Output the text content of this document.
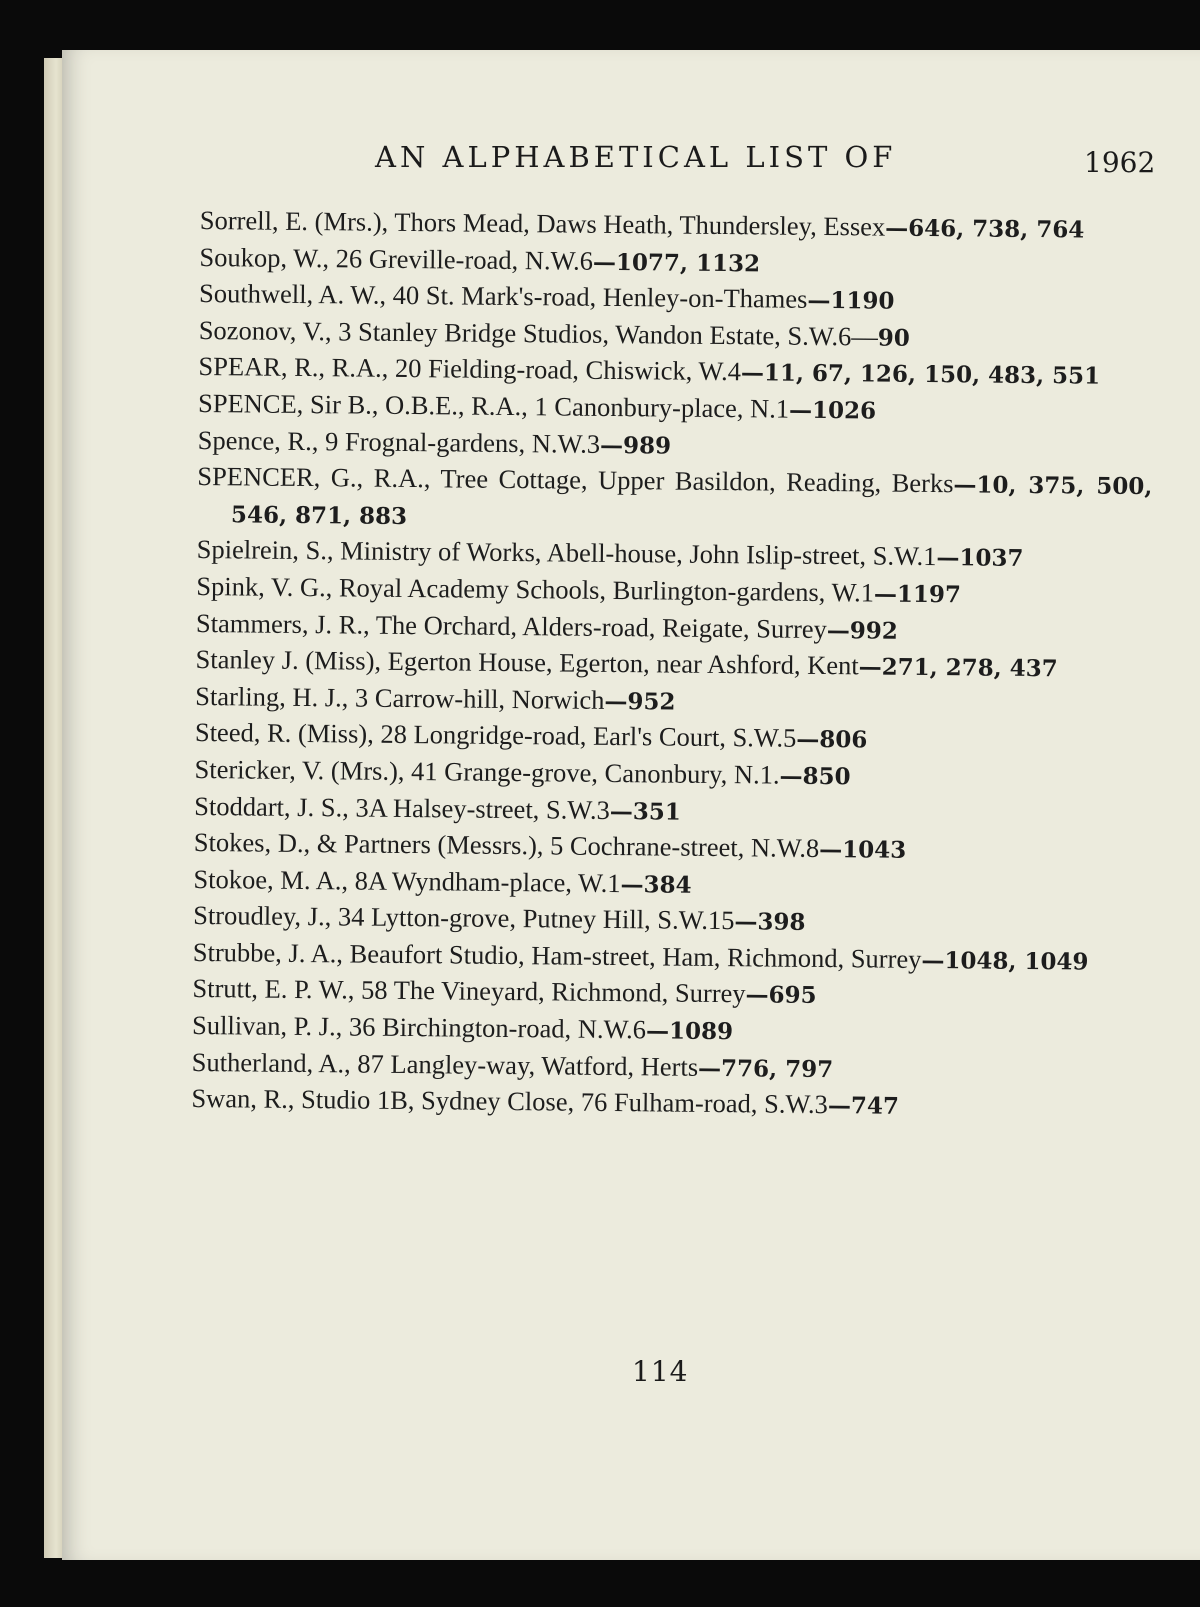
AN ALPHABETICAL LIST OF	1962
Sorrell, E. (Mrs.), Thors Mead, Daws Heath, Thundersley, Essex—646, 738, 764
Soukop, W., 26 Greville-road, N.W.6—1077, 1132
Southwell, A. W., 40 St. Mark's-road, Henley-on-Thames—1190
Sozonov, V., 3 Stanley Bridge Studios, Wandon Estate, S.W.6—90
SPEAR, R., R.A., 20 Fielding-road, Chiswick, W.4—11, 67, 126, 150, 483, 551
SPENCE, Sir B., O.B.E., R.A., 1 Canonbury-place, N.1—1026
Spence, R., 9 Frognal-gardens, N.W.3—989
SPENCER, G., R.A., Tree Cottage, Upper Basildon, Reading, Berks—10, 375, 500, 546, 871, 883
Spielrein, S., Ministry of Works, Abell-house, John Islip-street, S.W.1—1037
Spink, V. G., Royal Academy Schools, Burlington-gardens, W.1—1197
Stammers, J. R., The Orchard, Alders-road, Reigate, Surrey—992
Stanley J. (Miss), Egerton House, Egerton, near Ashford, Kent—271, 278, 437
Starling, H. J., 3 Carrow-hill, Norwich—952
Steed, R. (Miss), 28 Longridge-road, Earl's Court, S.W.5—806
Stericker, V. (Mrs.), 41 Grange-grove, Canonbury, N.1.—850
Stoddart, J. S., 3A Halsey-street, S.W.3—351
Stokes, D., & Partners (Messrs.), 5 Cochrane-street, N.W.8—1043
Stokoe, M. A., 8A Wyndham-place, W.1—384
Stroudley, J., 34 Lytton-grove, Putney Hill, S.W.15—398
Strubbe, J. A., Beaufort Studio, Ham-street, Ham, Richmond, Surrey—1048, 1049
Strutt, E. P. W., 58 The Vineyard, Richmond, Surrey—695
Sullivan, P. J., 36 Birchington-road, N.W.6—1089
Sutherland, A., 87 Langley-way, Watford, Herts—776, 797
Swan, R., Studio 1B, Sydney Close, 76 Fulham-road, S.W.3—747
114
